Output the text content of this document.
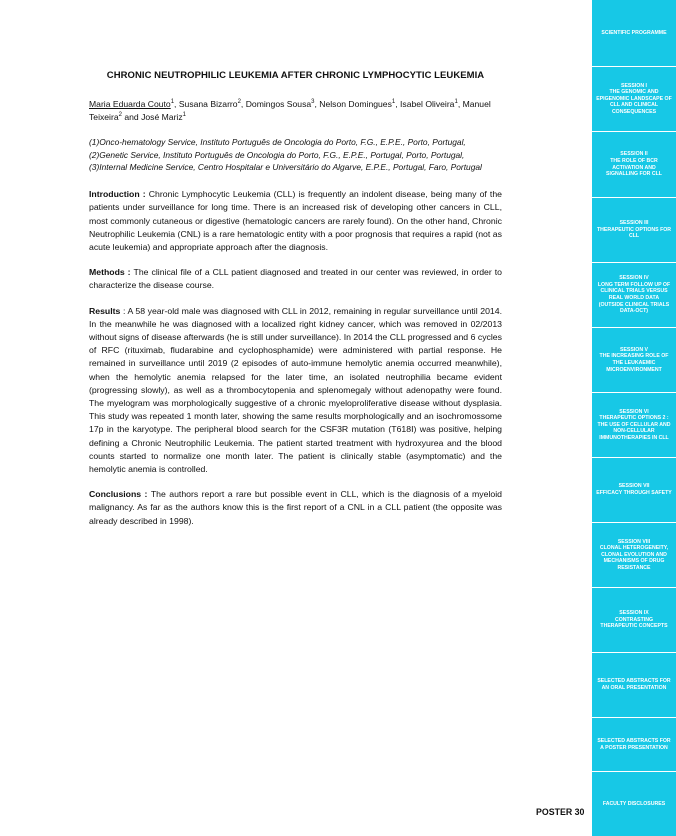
CHRONIC NEUTROPHILIC LEUKEMIA AFTER CHRONIC LYMPHOCYTIC LEUKEMIA
Maria Eduarda Couto$^1$, Susana Bizarro$^2$, Domingos Sousa$^3$, Nelson Domingues$^1$, Isabel Oliveira$^1$, Manuel Teixeira$^2$ and José Mariz$^1$
(1)Onco-hematology Service, Instituto Português de Oncologia do Porto, F.G., E.P.E., Porto, Portugal,
(2)Genetic Service, Instituto Português de Oncologia do Porto, F.G., E.P.E., Portugal, Porto, Portugal,
(3)Internal Medicine Service, Centro Hospitalar e Universitário do Algarve, E.P.E., Portugal, Faro, Portugal

Introduction : Chronic Lymphocytic Leukemia (CLL) is frequently an indolent disease, being many of the patients under surveillance for long time. There is an increased risk of developing other cancers in CLL, most commonly cutaneous or digestive (hematologic cancers are rarely found). On the other hand, Chronic Neutrophilic Leukemia (CNL) is a rare hematologic entity with a poor prognosis that requires a rapid (not as acute leukemia) and appropriate approach after the diagnosis.

Methods : The clinical file of a CLL patient diagnosed and treated in our center was reviewed, in order to characterize the disease course.

Results : A 58 year-old male was diagnosed with CLL in 2012, remaining in regular surveillance until 2014. In the meanwhile he was diagnosed with a localized right kidney cancer, which was removed in 02/2013 without signs of disease afterwards (he is still under surveillance). In 2014 the CLL progressed and 6 cycles of RFC (rituximab, fludarabine and cyclophosphamide) were administered with partial response. He remained in surveillance until 2019 (2 episodes of auto-immune hemolytic anemia occurred meanwhile), when the hemolytic anemia relapsed for the later time, an isolated neutrophilia became evident (progressing slowly), as well as a thrombocytopenia and splenomegaly without adenopathy were found. The myelogram was morphologically suggestive of a chronic myeloproliferative disease without dysplasia. This study was repeated 1 month later, showing the same results morphologically and an isochromossome 17p in the karyotype. The peripheral blood search for the CSF3R mutation (T618I) was positive, helping defining a Chronic Neutrophilic Leukemia. The patient started treatment with hydroxyurea and the blood counts started to normalize one month later. The patient is clinically stable (asymptomatic) and the hemolytic anemia is controlled.

Conclusions : The authors report a rare but possible event in CLL, which is the diagnosis of a myeloid malignancy. As far as the authors know this is the first report of a CNL in a CLL patient (the opposite was already described in 1998).

POSTER 30
SCIENTIFIC PROGRAMME
SESSION I
THE GENOMIC AND EPIGENOMIC LANDSCAPE OF CLL AND CLINICAL CONSEQUENCES
SESSION II
THE ROLE OF BCR ACTIVATION AND SIGNALLING FOR CLL
SESSION III
THERAPEUTIC OPTIONS FOR CLL
SESSION IV
LONG TERM FOLLOW UP OF CLINICAL TRIALS VERSUS REAL WORLD DATA (OUTSIDE CLINICAL TRIALS DATA-OCT)
SESSION V
THE INCREASING ROLE OF THE LEUKAEMIC MICROENVIRONMENT
SESSION VI
THERAPEUTIC OPTIONS 2 : THE USE OF CELLULAR AND NON-CELLULAR IMMUNOTHERAPIES IN CLL
SESSION VII
EFFICACY THROUGH SAFETY
SESSION VIII
CLONAL HETEROGENEITY, CLONAL EVOLUTION AND MECHANISMS OF DRUG RESISTANCE
SESSION IX
CONTRASTING THERAPEUTIC CONCEPTS
SELECTED ABSTRACTS FOR AN ORAL PRESENTATION
SELECTED ABSTRACTS FOR A POSTER PRESENTATION
FACULTY DISCLOSURES
